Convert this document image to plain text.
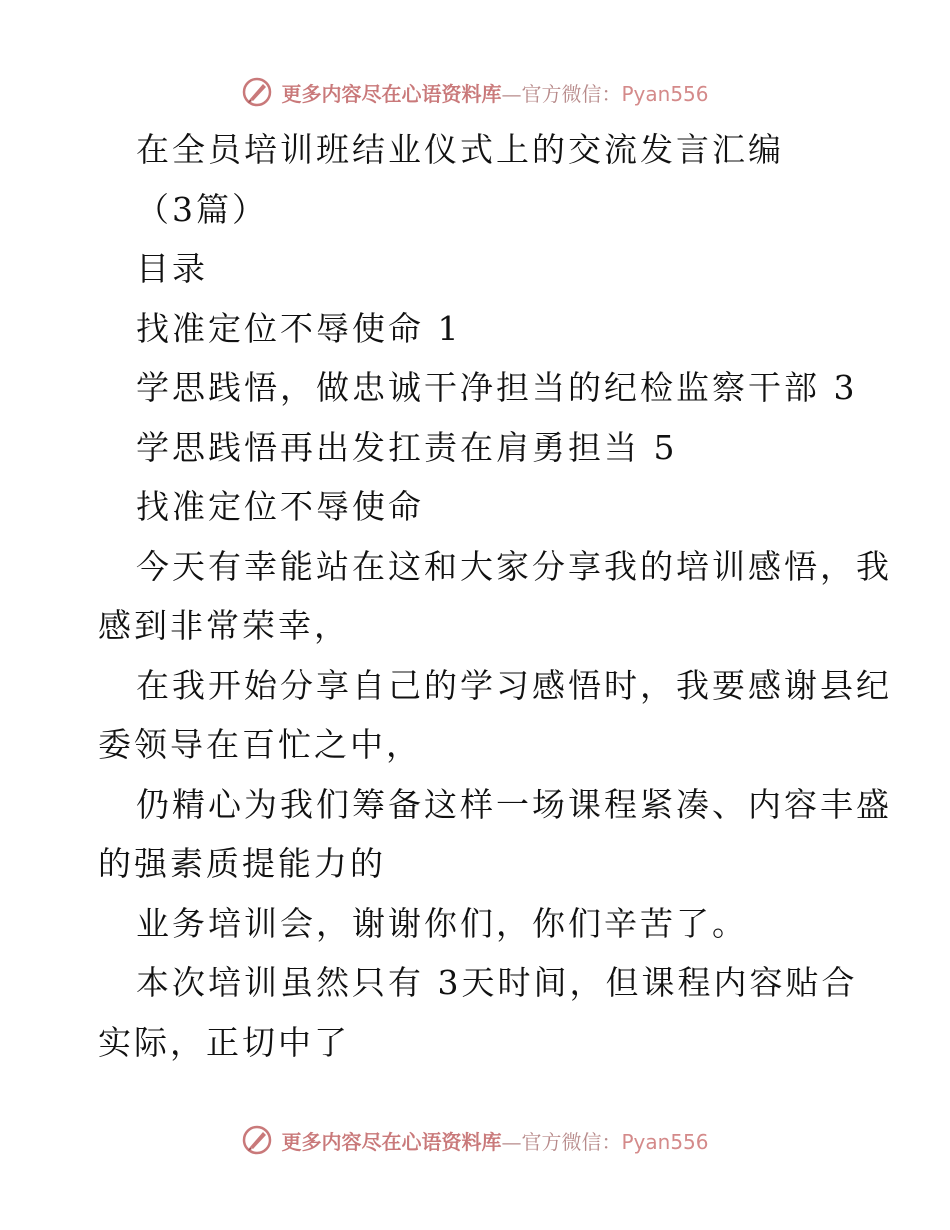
更多内容尽在心语资料库—官方微信：Pyan556
在全员培训班结业仪式上的交流发言汇编
（3篇）
目录
找准定位不辱使命 1
学思践悟，做忠诚干净担当的纪检监察干部 3
学思践悟再出发扛责在肩勇担当 5
找准定位不辱使命
今天有幸能站在这和大家分享我的培训感悟，我
感到非常荣幸，
在我开始分享自己的学习感悟时，我要感谢县纪
委领导在百忙之中，
仍精心为我们筹备这样一场课程紧凑、内容丰盛
的强素质提能力的
业务培训会，谢谢你们，你们辛苦了。
本次培训虽然只有 3天时间，但课程内容贴合
实际，正切中了
更多内容尽在心语资料库—官方微信：Pyan556
